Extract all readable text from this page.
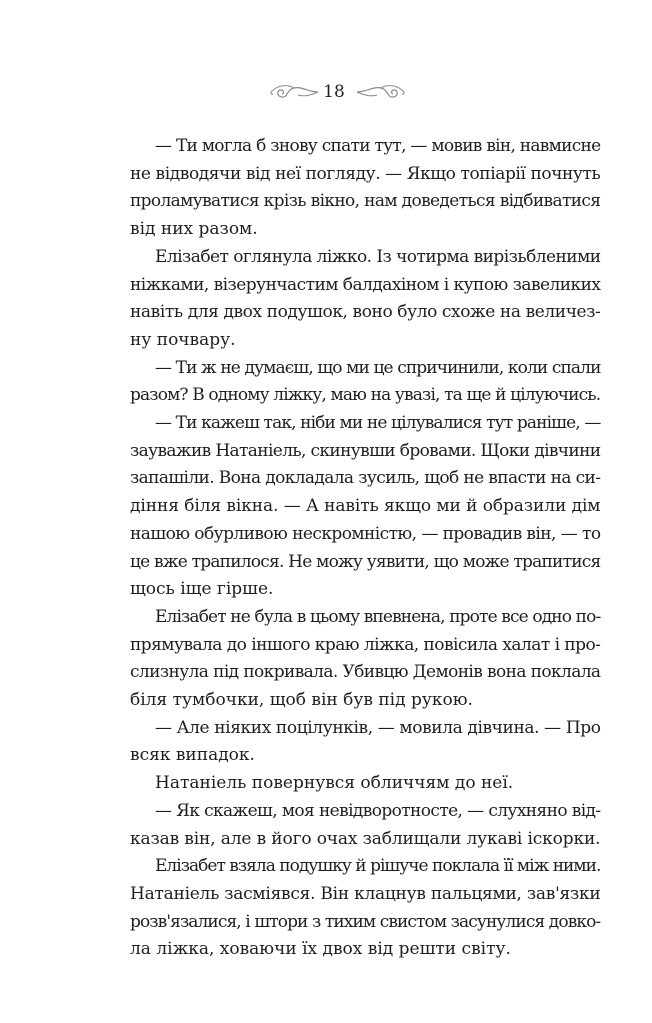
18

— Ти могла б знову спати тут, — мовив він, навмисне
не відводячи від неї погляду. — Якщо топіарії почнуть
проламуватися крізь вікно, нам доведеться відбиватися
від них разом.

Елізабет оглянула ліжко. Із чотирма вирізьбленими
ніжками, візерунчастим балдахіном і купою завеликих
навіть для двох подушок, воно було схоже на величез-
ну почвару.

— Ти ж не думаєш, що ми це спричинили, коли спали
разом? В одному ліжку, маю на увазі, та ще й цілуючись.

— Ти кажеш так, ніби ми не цілувалися тут раніше, —
зауважив Натаніель, скинувши бровами. Щоки дівчини
запашіли. Вона докладала зусиль, щоб не впасти на си-
діння біля вікна. — А навіть якщо ми й образили дім
нашою обурливою нескромністю, — провадив він, — то
це вже трапилося. Не можу уявити, що може трапитися
щось іще гірше.

Елізабет не була в цьому впевнена, проте все одно по-
прямувала до іншого краю ліжка, повісила халат і про-
слизнула під покривала. Убивцю Демонів вона поклала
біля тумбочки, щоб він був під рукою.

— Але ніяких поцілунків, — мовила дівчина. — Про
всяк випадок.

Натаніель повернувся обличчям до неї.

— Як скажеш, моя невідворотносте, — слухняно від-
казав він, але в його очах заблищали лукаві іскорки.

Елізабет взяла подушку й рішуче поклала її між ними.
Натаніель засміявся. Він клацнув пальцями, зав'язки
розв'язалися, і штори з тихим свистом засунулися довко-
ла ліжка, ховаючи їх двох від решти світу.
